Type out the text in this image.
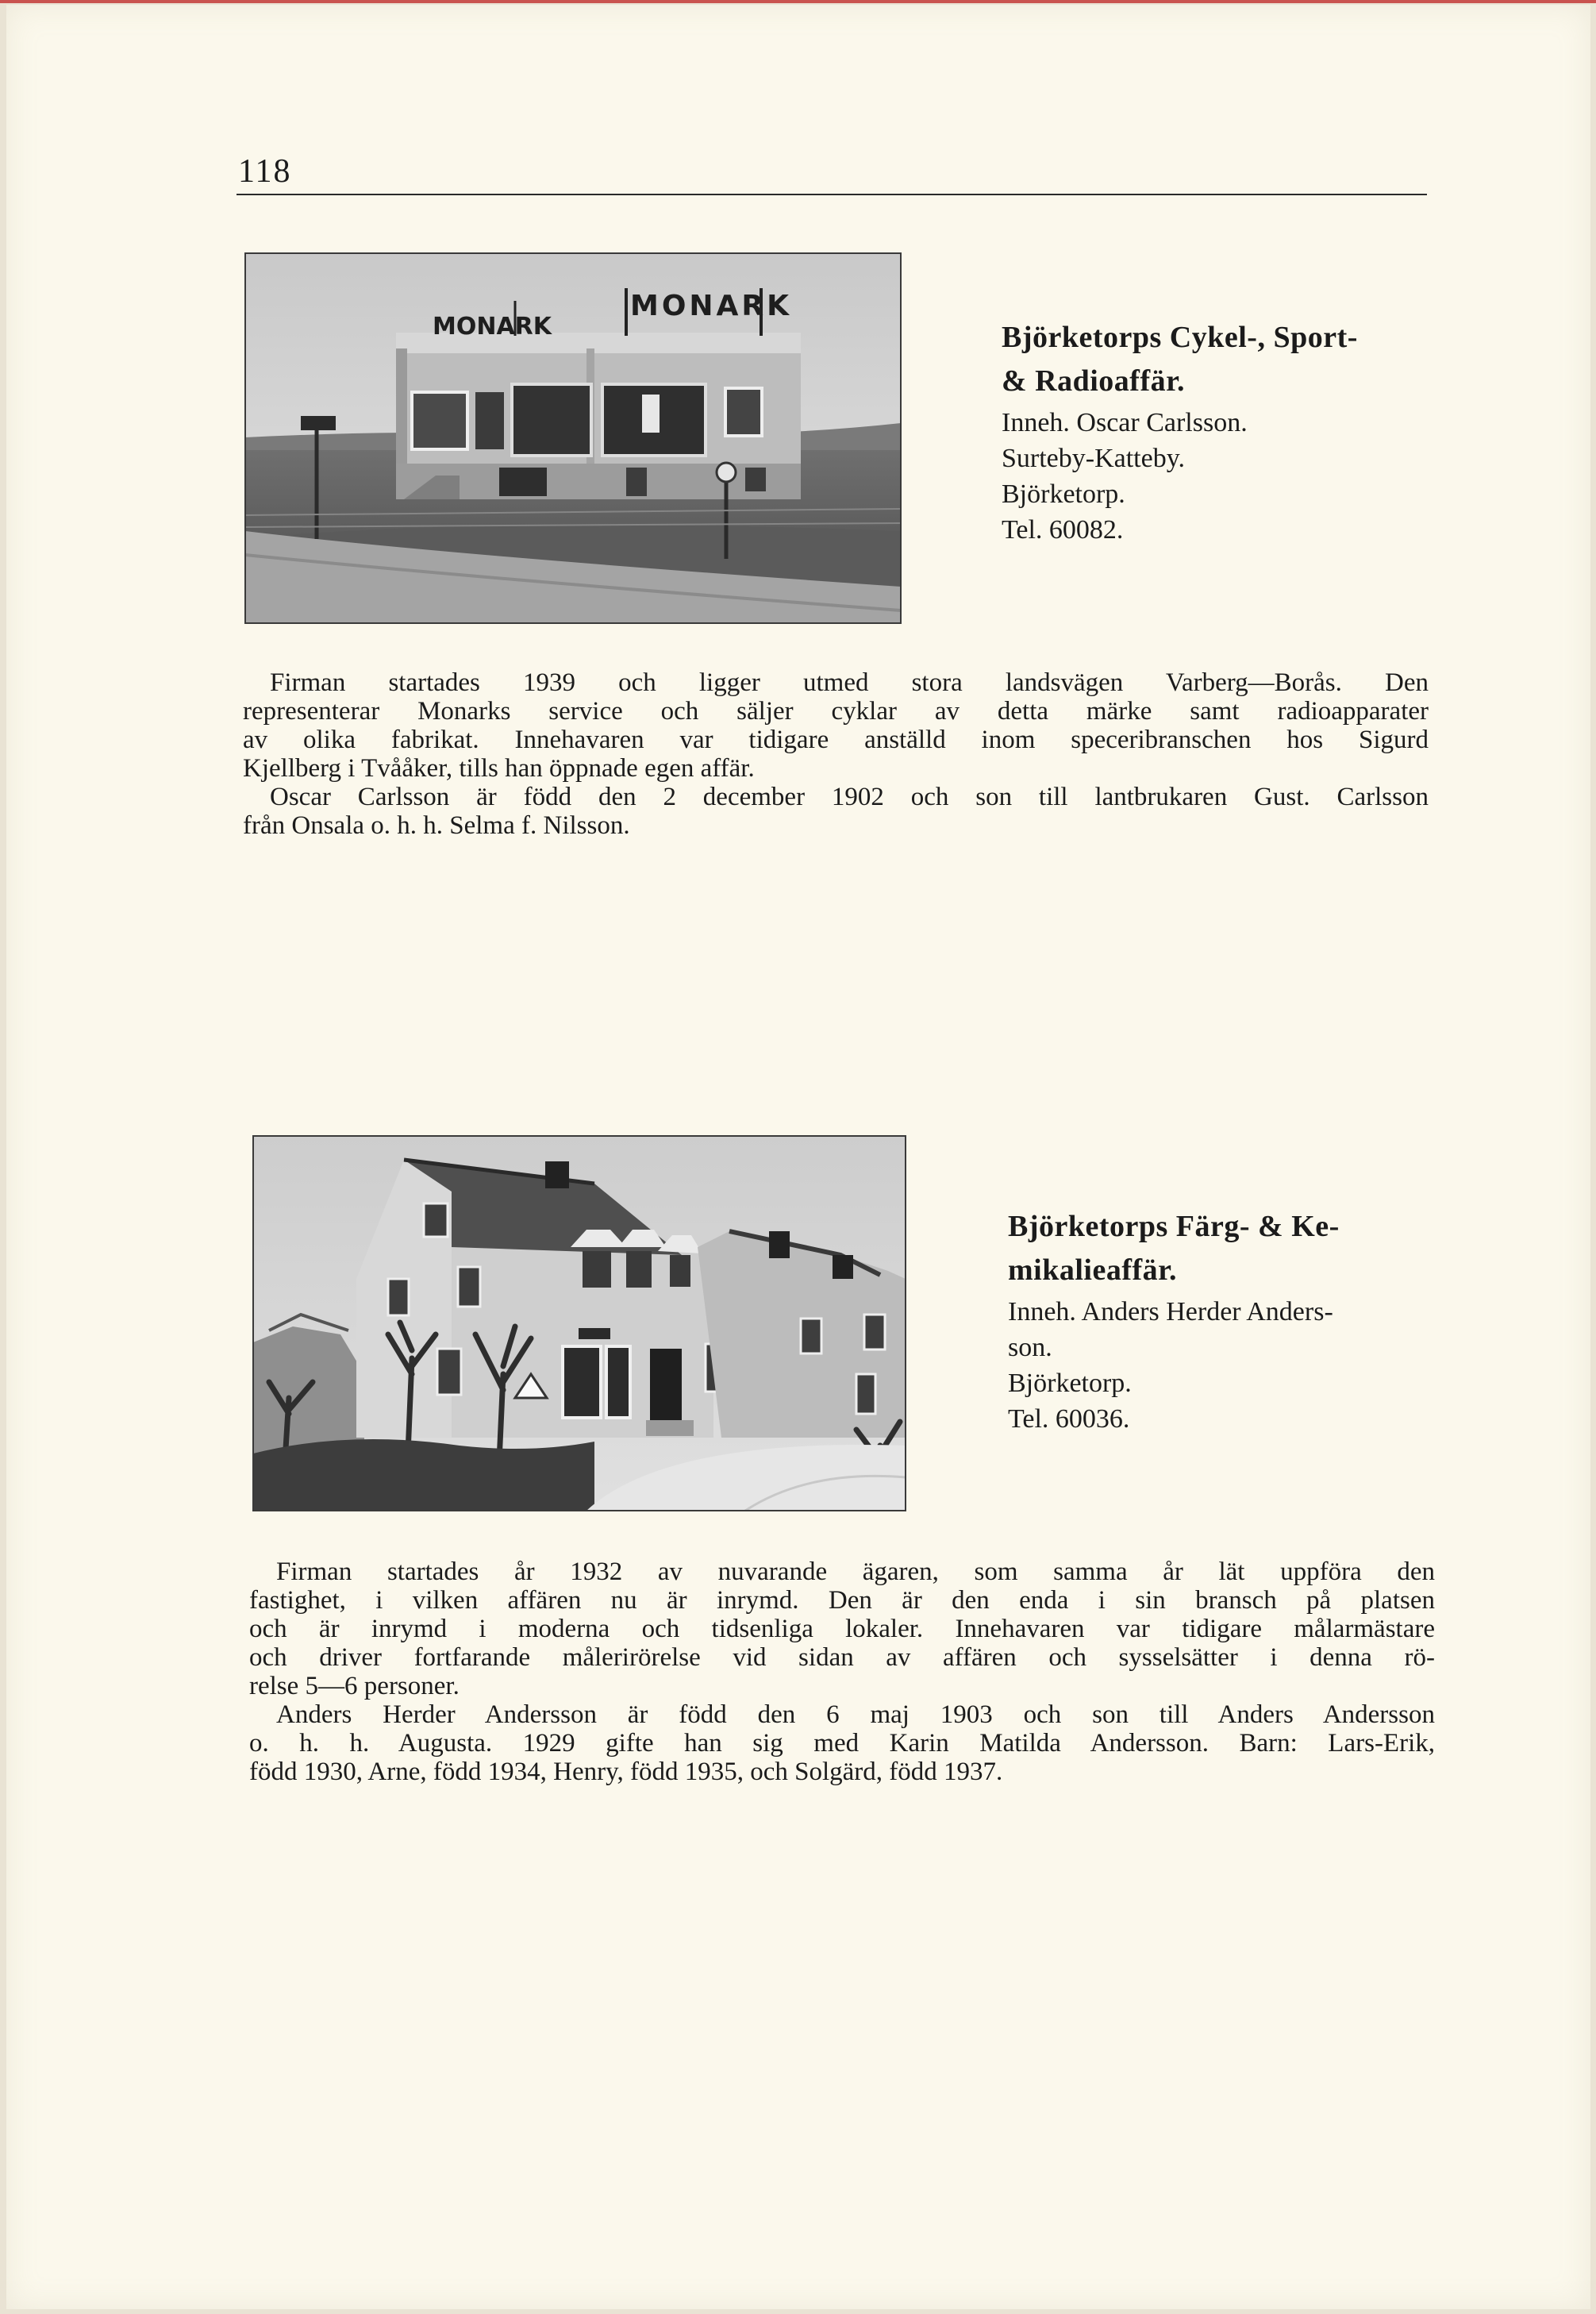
118
MONARK
MONARK
Björketorps Cykel-, Sport-
& Radioaffär.
Inneh. Oscar Carlsson.
Surteby-Katteby.
Björketorp.
Tel. 60082.
Firman startades 1939 och ligger utmed stora landsvägen Varberg—Borås. Den
representerar Monarks service och säljer cyklar av detta märke samt radioapparater
av olika fabrikat. Innehavaren var tidigare anställd inom speceribranschen hos Sigurd
Kjellberg i Tvååker, tills han öppnade egen affär.
Oscar Carlsson är född den 2 december 1902 och son till lantbrukaren Gust. Carlsson
från Onsala o. h. h. Selma f. Nilsson.
Björketorps Färg- & Ke-
mikalieaffär.
Inneh. Anders Herder Anders-
son.
Björketorp.
Tel. 60036.
Firman startades år 1932 av nuvarande ägaren, som samma år lät uppföra den
fastighet, i vilken affären nu är inrymd. Den är den enda i sin bransch på platsen
och är inrymd i moderna och tidsenliga lokaler. Innehavaren var tidigare målarmästare
och driver fortfarande målerirörelse vid sidan av affären och sysselsätter i denna rö-
relse 5—6 personer.
Anders Herder Andersson är född den 6 maj 1903 och son till Anders Andersson
o. h. h. Augusta. 1929 gifte han sig med Karin Matilda Andersson. Barn: Lars-Erik,
född 1930, Arne, född 1934, Henry, född 1935, och Solgärd, född 1937.
